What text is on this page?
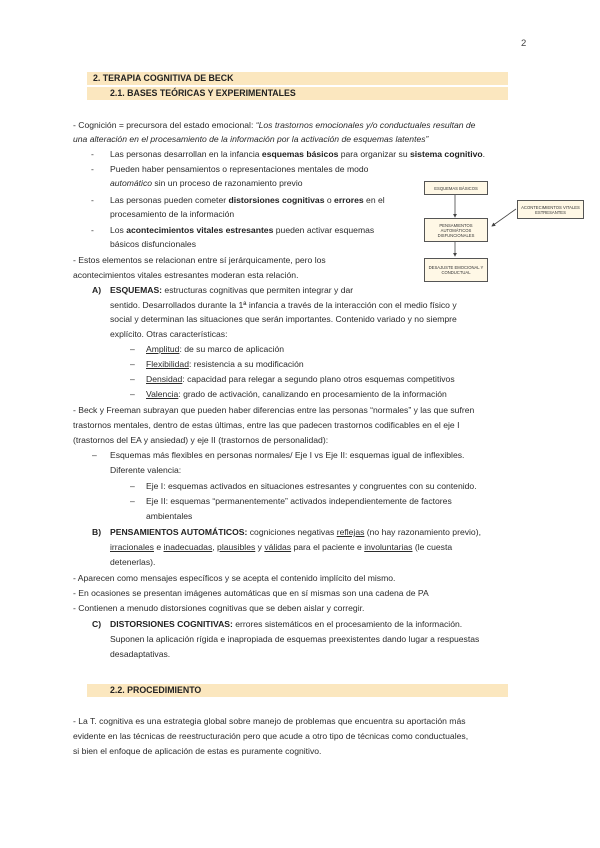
2
2. TERAPIA COGNITIVA DE BECK
2.1. BASES TEÓRICAS Y EXPERIMENTALES
- Cognición = precursora del estado emocional: “Los trastornos emocionales y/o conductuales resultan de
una alteración en el procesamiento de la información por la activación de esquemas latentes”
- Las personas desarrollan en la infancia esquemas básicos para organizar su sistema cognitivo.
- Pueden haber pensamientos o representaciones mentales de modo
automático sin un proceso de razonamiento previo
- Las personas pueden cometer distorsiones cognitivas o errores en el
procesamiento de la información
- Los acontecimientos vitales estresantes pueden activar esquemas
básicos disfuncionales
- Estos elementos se relacionan entre sí jerárquicamente, pero los
acontecimientos vitales estresantes moderan esta relación.
ESQUEMAS BÁSICOS
PENSAMIENTOS AUTOMÁTICOS DISFUNCIONALES
DESAJUSTE EMOCIONAL Y CONDUCTUAL
ACONTECIMIENTOS VITALES ESTRESANTES
A) ESQUEMAS: estructuras cognitivas que permiten integrar y dar
sentido. Desarrollados durante la 1ª infancia a través de la interacción con el medio físico y
social y determinan las situaciones que serán importantes. Contenido variado y no siempre
explícito. Otras características:
– Amplitud: de su marco de aplicación
– Flexibilidad: resistencia a su modificación
– Densidad: capacidad para relegar a segundo plano otros esquemas competitivos
– Valencia: grado de activación, canalizando en procesamiento de la información
- Beck y Freeman subrayan que pueden haber diferencias entre las personas “normales” y las que sufren
trastornos mentales, dentro de estas últimas, entre las que padecen trastornos codificables en el eje I
(trastornos del EA y ansiedad) y eje II (trastornos de personalidad):
– Esquemas más flexibles en personas normales/ Eje I vs Eje II: esquemas igual de inflexibles.
Diferente valencia:
– Eje I: esquemas activados en situaciones estresantes y congruentes con su contenido.
– Eje II: esquemas “permanentemente” activados independientemente de factores
ambientales
B) PENSAMIENTOS AUTOMÁTICOS: cogniciones negativas reflejas (no hay razonamiento previo),
irracionales e inadecuadas, plausibles y válidas para el paciente e involuntarias (le cuesta
detenerlas).
- Aparecen como mensajes específicos y se acepta el contenido implícito del mismo.
- En ocasiones se presentan imágenes automáticas que en sí mismas son una cadena de PA
- Contienen a menudo distorsiones cognitivas que se deben aislar y corregir.
C) DISTORSIONES COGNITIVAS: errores sistemáticos en el procesamiento de la información.
Suponen la aplicación rígida e inapropiada de esquemas preexistentes dando lugar a respuestas
desadaptativas.
2.2. PROCEDIMIENTO
- La T. cognitiva es una estrategia global sobre manejo de problemas que encuentra su aportación más
evidente en las técnicas de reestructuración pero que acude a otro tipo de técnicas como conductuales,
si bien el enfoque de aplicación de estas es puramente cognitivo.
